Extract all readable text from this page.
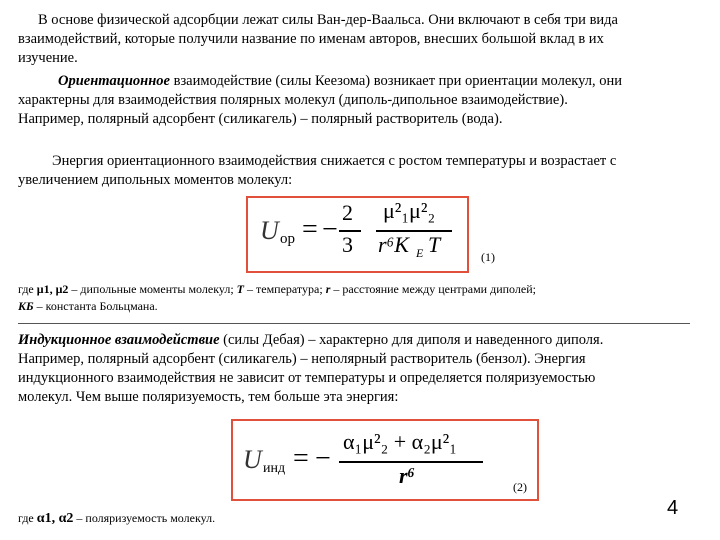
В основе физической адсорбции лежат силы Ван-дер-Ваальса. Они включают в себя три вида

взаимодействий, которые получили название по именам авторов, внесших большой вклад в их

изучение.

Ориентационное взаимодействие (силы Кеезома) возникает при ориентации молекул, они

характерны для взаимодействия полярных молекул (диполь-дипольное взаимодействие).

Например, полярный адсорбент (силикагель) – полярный растворитель (вода).

Энергия ориентационного взаимодействия снижается с ростом температуры и возрастает с

увеличением дипольных моментов молекул:

U ор = −
2
3
μ²₁μ²₂
r⁶K E T	(1)

где μ1, μ2 – дипольные моменты молекул; T – температура; r – расстояние между центрами диполей;

KБ – константа Больцмана.

Индукционное взаимодействие (силы Дебая) – характерно для диполя и наведенного диполя.

Например, полярный адсорбент (силикагель) – неполярный растворитель (бензол). Энергия

индукционного взаимодействия не зависит от температуры и определяется поляризуемостью

молекул. Чем выше поляризуемость, тем больше эта энергия:

U инд = −
α₁μ²₂ + α₂μ²₁
r⁶	(2)

где α1, α2 – поляризуемость молекул.	4
